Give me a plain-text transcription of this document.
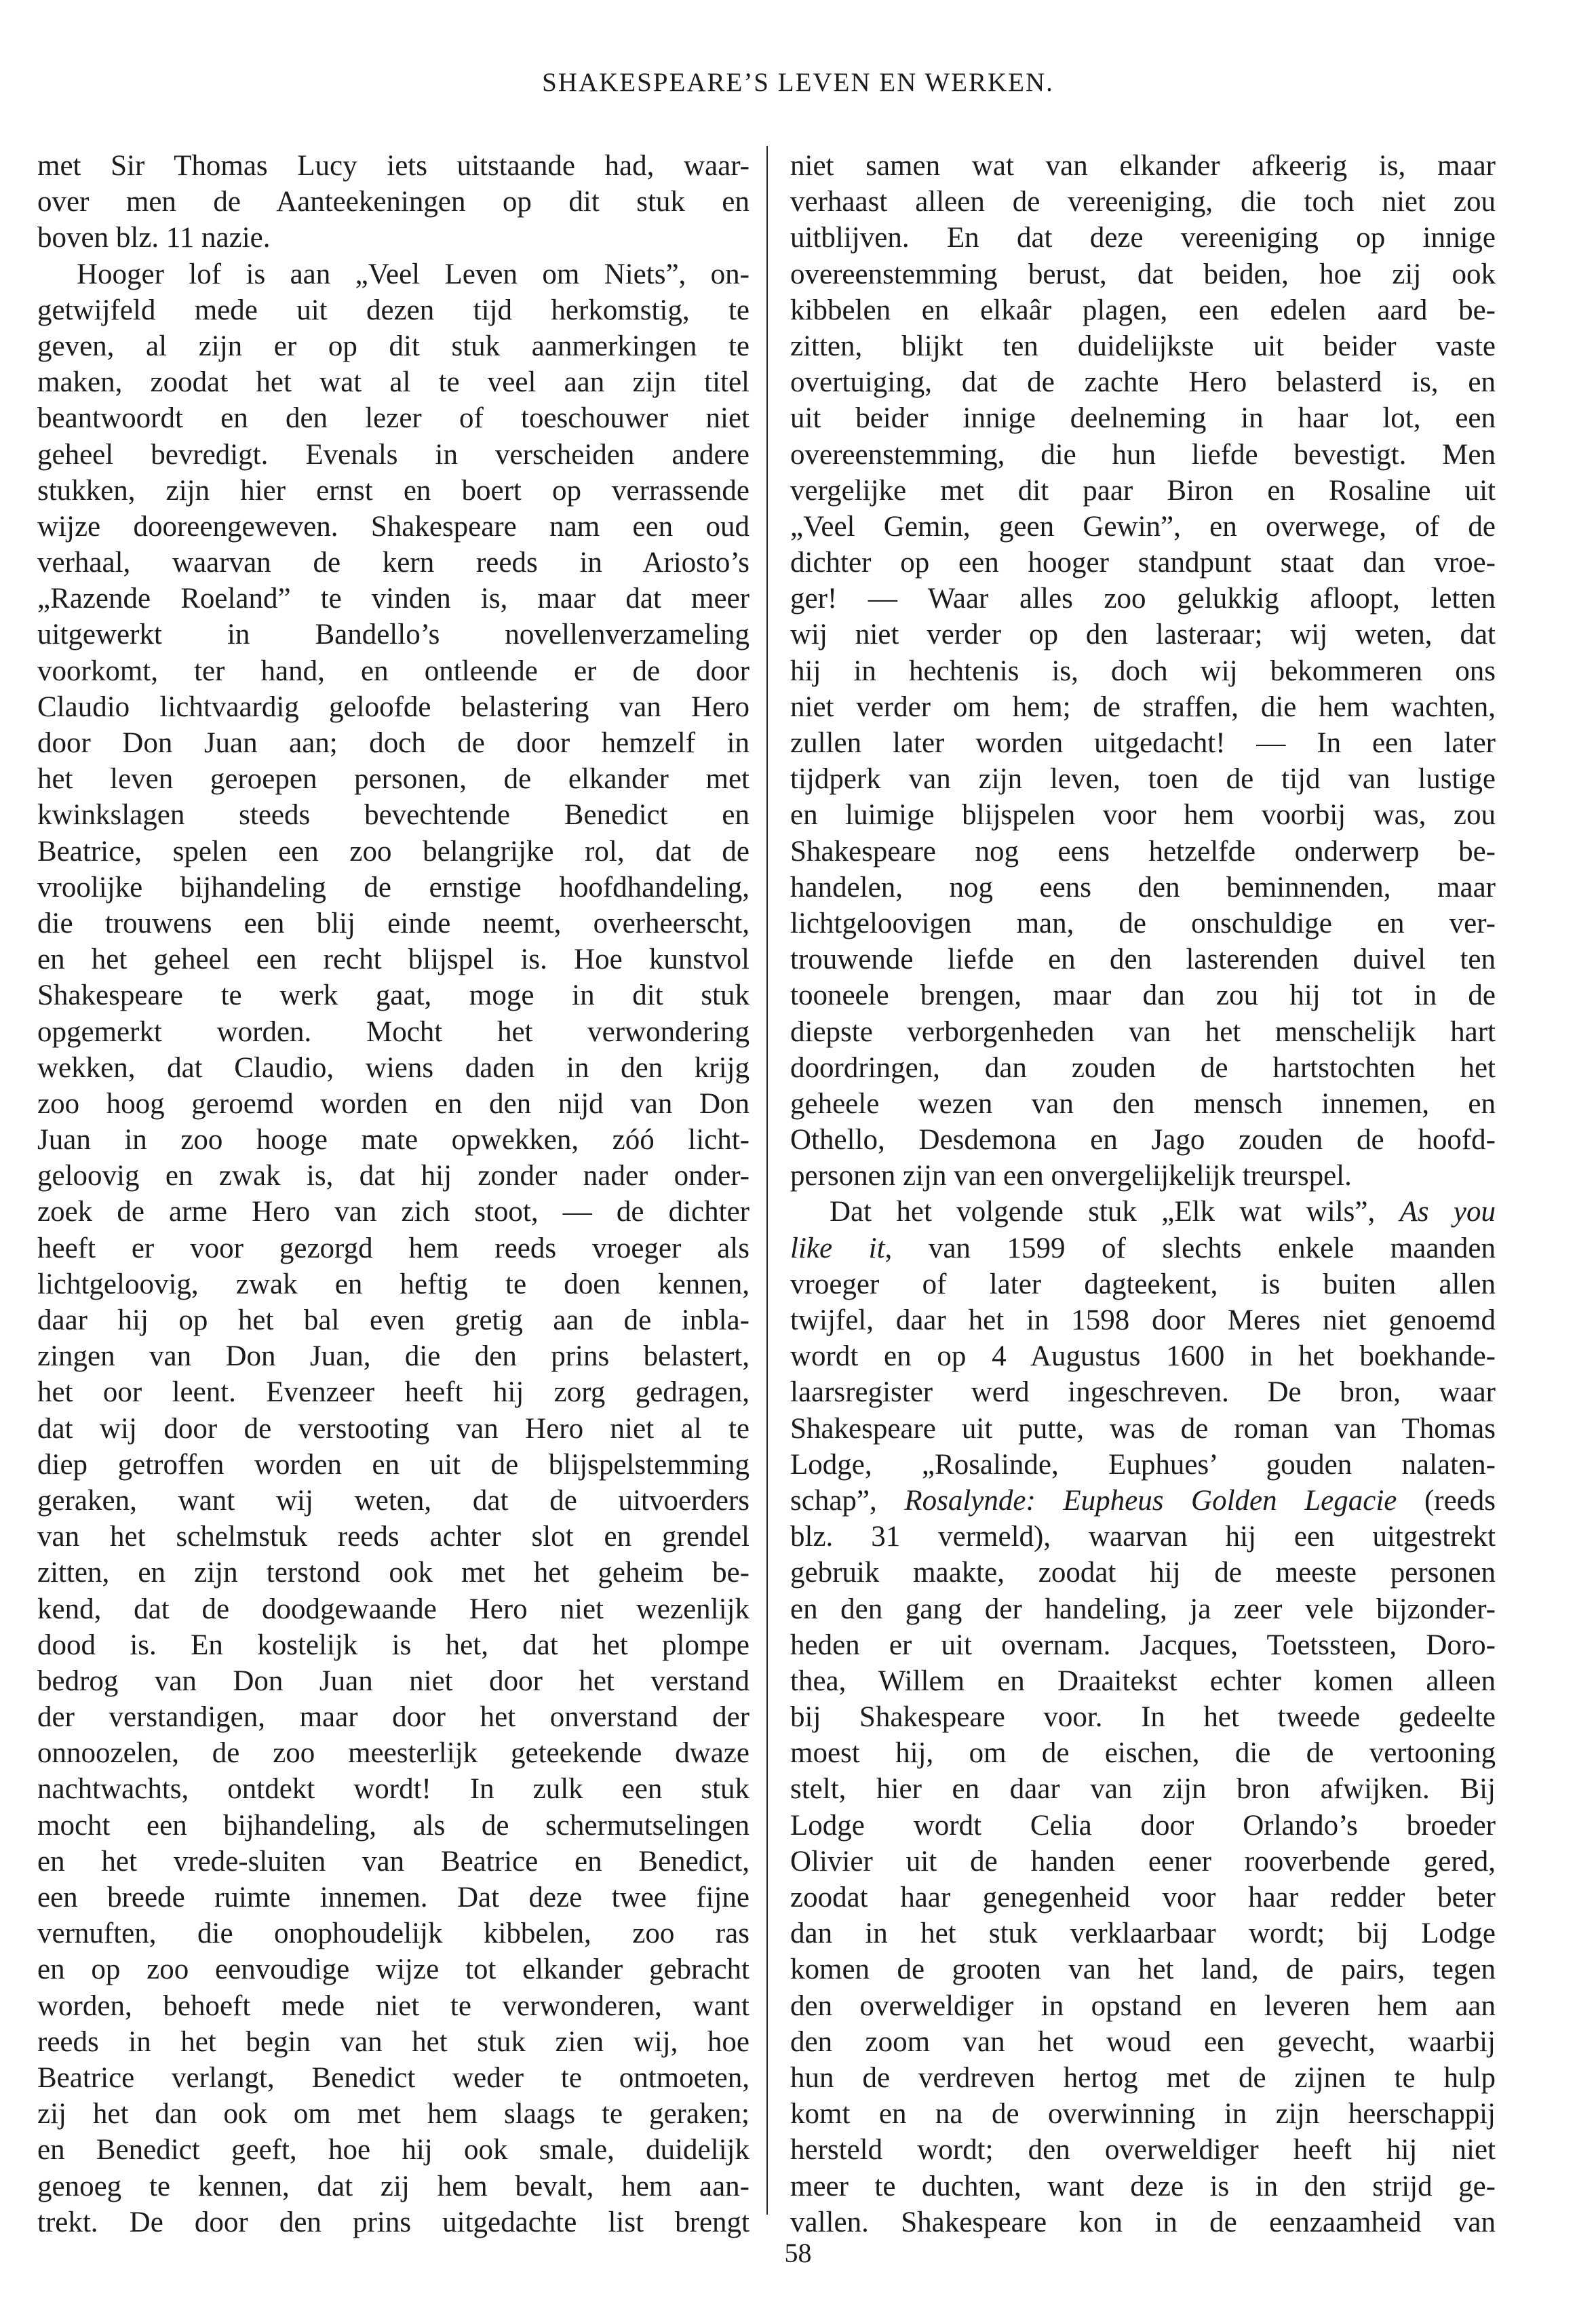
SHAKESPEARE’S LEVEN EN WERKEN.
met Sir Thomas Lucy iets uitstaande had, waar-
over men de Aanteekeningen op dit stuk en
boven blz. 11 nazie.
Hooger lof is aan „Veel Leven om Niets”, on-
getwijfeld mede uit dezen tijd herkomstig, te
geven, al zijn er op dit stuk aanmerkingen te
maken, zoodat het wat al te veel aan zijn titel
beantwoordt en den lezer of toeschouwer niet
geheel bevredigt. Evenals in verscheiden andere
stukken, zijn hier ernst en boert op verrassende
wijze dooreengeweven. Shakespeare nam een oud
verhaal, waarvan de kern reeds in Ariosto’s
„Razende Roeland” te vinden is, maar dat meer
uitgewerkt in Bandello’s novellenverzameling
voorkomt, ter hand, en ontleende er de door
Claudio lichtvaardig geloofde belastering van Hero
door Don Juan aan; doch de door hemzelf in
het leven geroepen personen, de elkander met
kwinkslagen steeds bevechtende Benedict en
Beatrice, spelen een zoo belangrijke rol, dat de
vroolijke bijhandeling de ernstige hoofdhandeling,
die trouwens een blij einde neemt, overheerscht,
en het geheel een recht blijspel is. Hoe kunstvol
Shakespeare te werk gaat, moge in dit stuk
opgemerkt worden. Mocht het verwondering
wekken, dat Claudio, wiens daden in den krijg
zoo hoog geroemd worden en den nijd van Don
Juan in zoo hooge mate opwekken, zóó licht-
geloovig en zwak is, dat hij zonder nader onder-
zoek de arme Hero van zich stoot, — de dichter
heeft er voor gezorgd hem reeds vroeger als
lichtgeloovig, zwak en heftig te doen kennen,
daar hij op het bal even gretig aan de inbla-
zingen van Don Juan, die den prins belastert,
het oor leent. Evenzeer heeft hij zorg gedragen,
dat wij door de verstooting van Hero niet al te
diep getroffen worden en uit de blijspelstemming
geraken, want wij weten, dat de uitvoerders
van het schelmstuk reeds achter slot en grendel
zitten, en zijn terstond ook met het geheim be-
kend, dat de doodgewaande Hero niet wezenlijk
dood is. En kostelijk is het, dat het plompe
bedrog van Don Juan niet door het verstand
der verstandigen, maar door het onverstand der
onnoozelen, de zoo meesterlijk geteekende dwaze
nachtwachts, ontdekt wordt! In zulk een stuk
mocht een bijhandeling, als de schermutselingen
en het vrede-sluiten van Beatrice en Benedict,
een breede ruimte innemen. Dat deze twee fijne
vernuften, die onophoudelijk kibbelen, zoo ras
en op zoo eenvoudige wijze tot elkander gebracht
worden, behoeft mede niet te verwonderen, want
reeds in het begin van het stuk zien wij, hoe
Beatrice verlangt, Benedict weder te ontmoeten,
zij het dan ook om met hem slaags te geraken;
en Benedict geeft, hoe hij ook smale, duidelijk
genoeg te kennen, dat zij hem bevalt, hem aan-
trekt. De door den prins uitgedachte list brengt
niet samen wat van elkander afkeerig is, maar
verhaast alleen de vereeniging, die toch niet zou
uitblijven. En dat deze vereeniging op innige
overeenstemming berust, dat beiden, hoe zij ook
kibbelen en elkaâr plagen, een edelen aard be-
zitten, blijkt ten duidelijkste uit beider vaste
overtuiging, dat de zachte Hero belasterd is, en
uit beider innige deelneming in haar lot, een
overeenstemming, die hun liefde bevestigt. Men
vergelijke met dit paar Biron en Rosaline uit
„Veel Gemin, geen Gewin”, en overwege, of de
dichter op een hooger standpunt staat dan vroe-
ger! — Waar alles zoo gelukkig afloopt, letten
wij niet verder op den lasteraar; wij weten, dat
hij in hechtenis is, doch wij bekommeren ons
niet verder om hem; de straffen, die hem wachten,
zullen later worden uitgedacht! — In een later
tijdperk van zijn leven, toen de tijd van lustige
en luimige blijspelen voor hem voorbij was, zou
Shakespeare nog eens hetzelfde onderwerp be-
handelen, nog eens den beminnenden, maar
lichtgeloovigen man, de onschuldige en ver-
trouwende liefde en den lasterenden duivel ten
tooneele brengen, maar dan zou hij tot in de
diepste verborgenheden van het menschelijk hart
doordringen, dan zouden de hartstochten het
geheele wezen van den mensch innemen, en
Othello, Desdemona en Jago zouden de hoofd-
personen zijn van een onvergelijkelijk treurspel.
Dat het volgende stuk „Elk wat wils”, As you
like it, van 1599 of slechts enkele maanden
vroeger of later dagteekent, is buiten allen
twijfel, daar het in 1598 door Meres niet genoemd
wordt en op 4 Augustus 1600 in het boekhande-
laarsregister werd ingeschreven. De bron, waar
Shakespeare uit putte, was de roman van Thomas
Lodge, „Rosalinde, Euphues’ gouden nalaten-
schap”, Rosalynde: Eupheus Golden Legacie (reeds
blz. 31 vermeld), waarvan hij een uitgestrekt
gebruik maakte, zoodat hij de meeste personen
en den gang der handeling, ja zeer vele bijzonder-
heden er uit overnam. Jacques, Toetssteen, Doro-
thea, Willem en Draaitekst echter komen alleen
bij Shakespeare voor. In het tweede gedeelte
moest hij, om de eischen, die de vertooning
stelt, hier en daar van zijn bron afwijken. Bij
Lodge wordt Celia door Orlando’s broeder
Olivier uit de handen eener rooverbende gered,
zoodat haar genegenheid voor haar redder beter
dan in het stuk verklaarbaar wordt; bij Lodge
komen de grooten van het land, de pairs, tegen
den overweldiger in opstand en leveren hem aan
den zoom van het woud een gevecht, waarbij
hun de verdreven hertog met de zijnen te hulp
komt en na de overwinning in zijn heerschappij
hersteld wordt; den overweldiger heeft hij niet
meer te duchten, want deze is in den strijd ge-
vallen. Shakespeare kon in de eenzaamheid van
58
